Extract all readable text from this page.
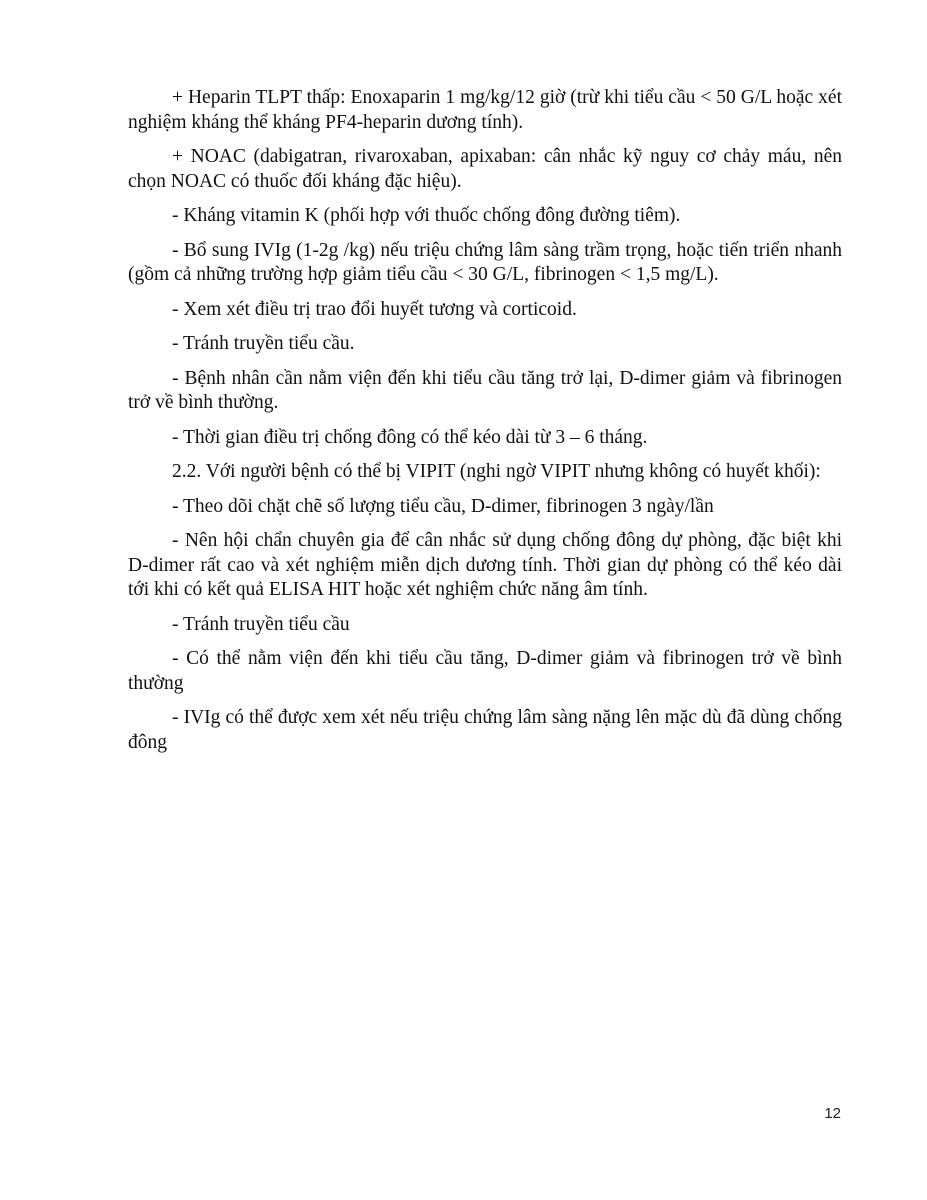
+ Heparin TLPT thấp: Enoxaparin 1 mg/kg/12 giờ (trừ khi tiểu cầu < 50 G/L hoặc xét nghiệm kháng thể kháng PF4-heparin dương tính).

+ NOAC (dabigatran, rivaroxaban, apixaban: cân nhắc kỹ nguy cơ chảy máu, nên chọn NOAC có thuốc đối kháng đặc hiệu).

- Kháng vitamin K (phối hợp với thuốc chống đông đường tiêm).

- Bổ sung IVIg (1-2g /kg) nếu triệu chứng lâm sàng trầm trọng, hoặc tiến triển nhanh (gồm cả những trường hợp giảm tiểu cầu < 30 G/L, fibrinogen < 1,5 mg/L).

- Xem xét điều trị trao đổi huyết tương và corticoid.

- Tránh truyền tiểu cầu.

- Bệnh nhân cần nằm viện đến khi tiểu cầu tăng trở lại, D-dimer giảm và fibrinogen trở về bình thường.

- Thời gian điều trị chống đông có thể kéo dài từ 3 – 6 tháng.

2.2. Với người bệnh có thể bị VIPIT (nghi ngờ VIPIT nhưng không có huyết khối):

- Theo dõi chặt chẽ số lượng tiểu cầu, D-dimer, fibrinogen 3 ngày/lần

- Nên hội chẩn chuyên gia để cân nhắc sử dụng chống đông dự phòng, đặc biệt khi D-dimer rất cao và xét nghiệm miễn dịch dương tính. Thời gian dự phòng có thể kéo dài tới khi có kết quả ELISA HIT hoặc xét nghiệm chức năng âm tính.

- Tránh truyền tiểu cầu

- Có thể nằm viện đến khi tiểu cầu tăng, D-dimer giảm và fibrinogen trở về bình thường

- IVIg có thể được xem xét nếu triệu chứng lâm sàng nặng lên mặc dù đã dùng chống đông

12
